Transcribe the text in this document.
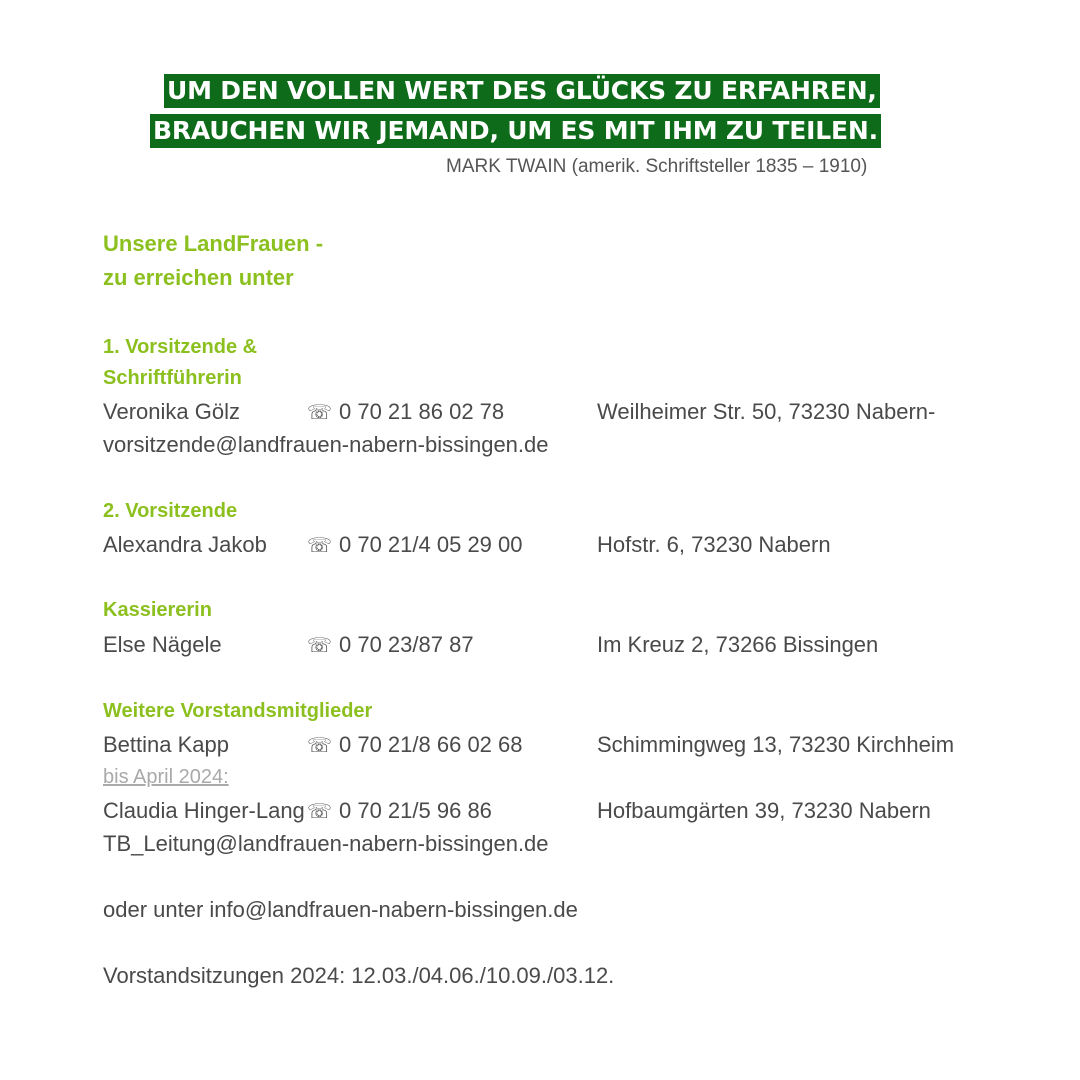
UM DEN VOLLEN WERT DES GLÜCKS ZU ERFAHREN,
BRAUCHEN WIR JEMAND, UM ES MIT IHM ZU TEILEN.
MARK TWAIN (amerik. Schriftsteller 1835 – 1910)
Unsere LandFrauen -
zu erreichen unter
1. Vorsitzende &
Schriftführerin
Veronika Gölz	☏ 0 70 21 86 02 78	Weilheimer Str. 50, 73230 Nabern-
vorsitzende@landfrauen-nabern-bissingen.de
2. Vorsitzende
Alexandra Jakob ☏ 0 70 21/4 05 29 00	Hofstr. 6, 73230 Nabern
Kassiererin
Else Nägele	☏ 0 70 23/87 87	Im Kreuz 2, 73266 Bissingen
Weitere Vorstandsmitglieder
Bettina Kapp	☏ 0 70 21/8 66 02 68	Schimmingweg 13, 73230 Kirchheim
bis April 2024:
Claudia Hinger-Lang ☏ 0 70 21/5 96 86	Hofbaumgärten 39, 73230 Nabern
TB_Leitung@landfrauen-nabern-bissingen.de
oder unter info@landfrauen-nabern-bissingen.de
Vorstandsitzungen 2024: 12.03./04.06./10.09./03.12.
